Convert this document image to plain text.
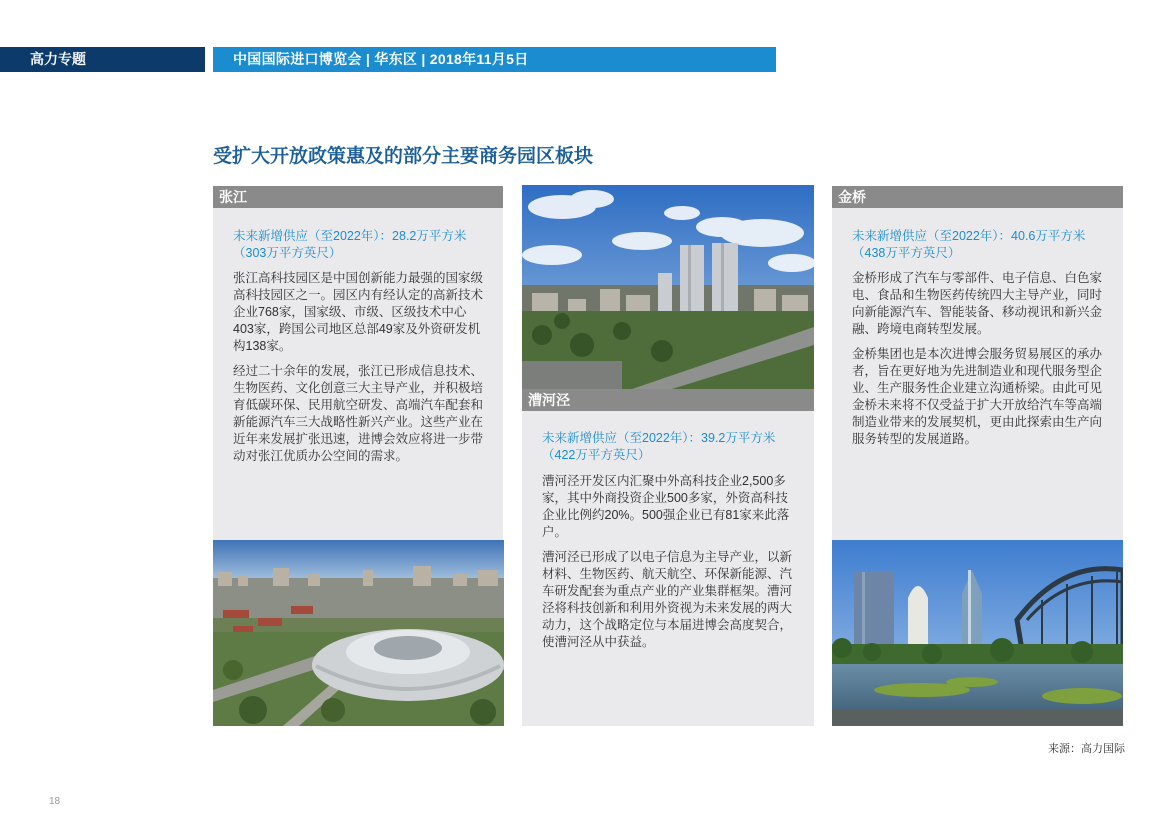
高力专题	中国国际进口博览会 | 华东区 | 2018年11月5日
受扩大开放政策惠及的部分主要商务园区板块
张江
未来新增供应（至2022年）：28.2万平方米（303万平方英尺）

张江高科技园区是中国创新能力最强的国家级高科技园区之一。园区内有经认定的高新技术企业768家，国家级、市级、区级技术中心403家，跨国公司地区总部49家及外资研发机构138家。

经过二十余年的发展，张江已形成信息技术、生物医药、文化创意三大主导产业，并积极培育低碳环保、民用航空研发、高端汽车配套和新能源汽车三大战略性新兴产业。这些产业在近年来发展扩张迅速，进博会效应将进一步带动对张江优质办公空间的需求。

漕河泾
未来新增供应（至2022年）：39.2万平方米（422万平方英尺）

漕河泾开发区内汇聚中外高科技企业2,500多家，其中外商投资企业500多家，外资高科技企业比例约20%。500强企业已有81家来此落户。

漕河泾已形成了以电子信息为主导产业，以新材料、生物医药、航天航空、环保新能源、汽车研发配套为重点产业的产业集群框架。漕河泾将科技创新和利用外资视为未来发展的两大动力，这个战略定位与本届进博会高度契合，使漕河泾从中获益。

金桥
未来新增供应（至2022年）：40.6万平方米（438万平方英尺）

金桥形成了汽车与零部件、电子信息、白色家电、食品和生物医药传统四大主导产业，同时向新能源汽车、智能装备、移动视讯和新兴金融、跨境电商转型发展。

金桥集团也是本次进博会服务贸易展区的承办者，旨在更好地为先进制造业和现代服务型企业、生产服务性企业建立沟通桥梁。由此可见金桥未来将不仅受益于扩大开放给汽车等高端制造业带来的发展契机，更由此探索由生产向服务转型的发展道路。

来源：高力国际
18
